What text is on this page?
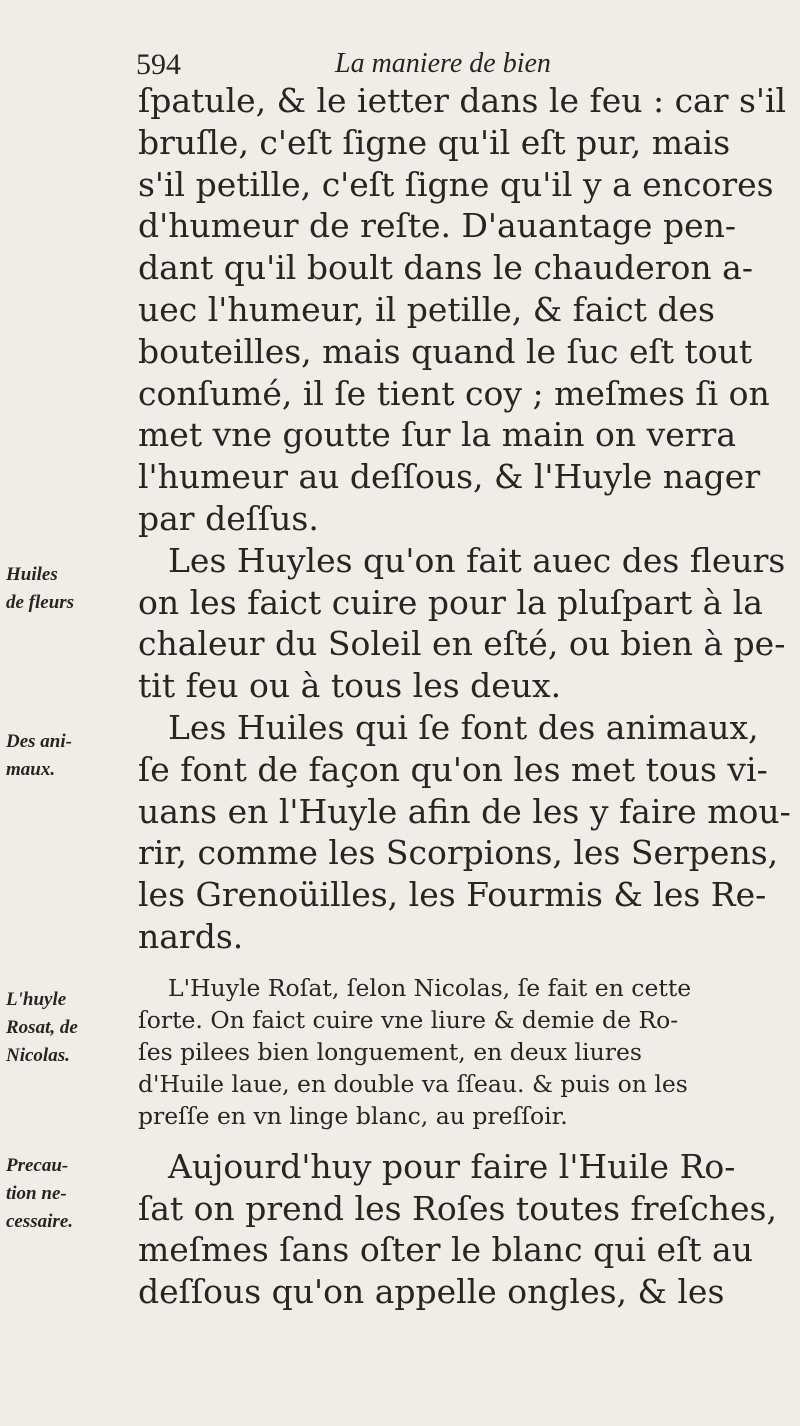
594	La maniere de bien
Huiles
de fleurs
Des ani-
maux.
L'huyle
Rosat, de
Nicolas.
Precau-
tion ne-
cessaire.
ſpatule, & le ietter dans le feu : car s'il
bruſle, c'eſt ſigne qu'il eſt pur, mais
s'il petille, c'eſt ſigne qu'il y a encores
d'humeur de reſte. D'auantage pen-
dant qu'il boult dans le chauderon a-
uec l'humeur, il petille, & faict des
bouteilles, mais quand le ſuc eſt tout
conſumé, il ſe tient coy ; meſmes ſi on
met vne goutte ſur la main on verra
l'humeur au deſſous, & l'Huyle nager
par deſſus.
Les Huyles qu'on fait auec des fleurs
on les faict cuire pour la pluſpart à la
chaleur du Soleil en eſté, ou bien à pe-
tit feu ou à tous les deux.
Les Huiles qui ſe font des animaux,
ſe font de façon qu'on les met tous vi-
uans en l'Huyle afin de les y faire mou-
rir, comme les Scorpions, les Serpens,
les Grenoüilles, les Fourmis & les Re-
nards.
L'Huyle Roſat, ſelon Nicolas, ſe fait en cette
ſorte. On faict cuire vne liure & demie de Ro-
ſes pilees bien longuement, en deux liures
d'Huile laue, en double va ſſeau. & puis on les
preſſe en vn linge blanc, au preſſoir.
Aujourd'huy pour faire l'Huile Ro-
ſat on prend les Roſes toutes freſches,
meſmes ſans oſter le blanc qui eſt au
deſſous qu'on appelle ongles, & les
